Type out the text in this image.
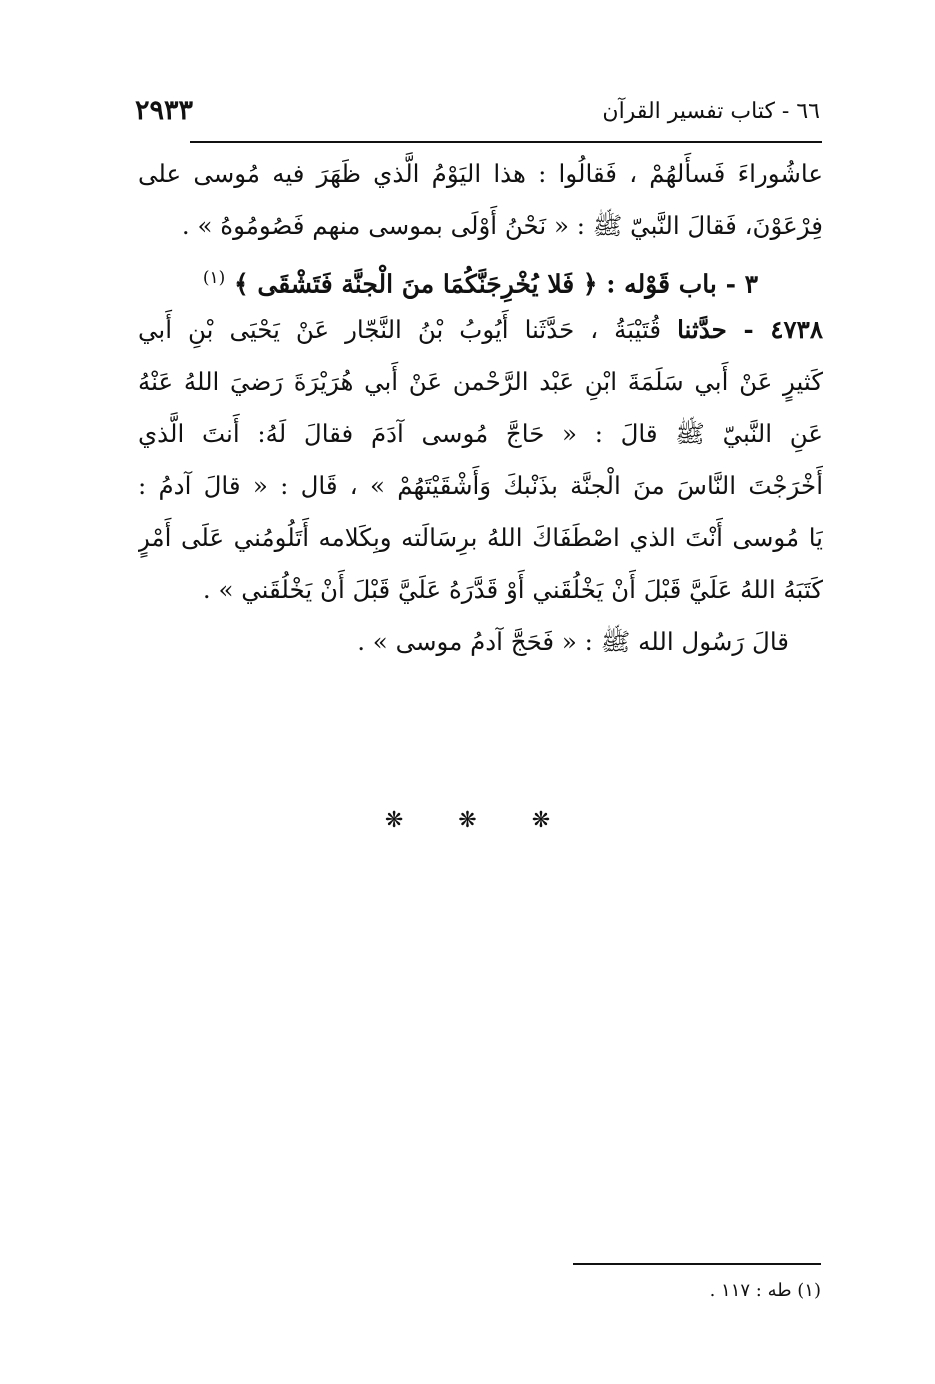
٦٦ - كتاب تفسير القرآن
٢٩٣٣
عاشُوراءَ فَسأَلهُمْ ، فَقالُوا : هذا اليَوْمُ الَّذي ظَهَرَ فيه مُوسى على
فِرْعَوْنَ، فَقالَ النَّبيّ ﷺ : « نَحْنُ أَوْلَى بموسى منهم فَصُومُوهُ » .
٣ - باب قَوْله : ﴿ فَلا يُخْرِجَنَّكُمَا منَ الْجنَّة فَتَشْقَى ﴾ $^{(١)}$
٤٧٣٨ - حدَّثنا قُتَيْبَةُ ، حَدَّثَنا أَيُوبُ بْنُ النَّجّار عَنْ يَحْيَى بْنِ أَبي
كَثيرٍ عَنْ أَبي سَلَمَةَ ابْنِ عَبْد الرَّحْمن عَنْ أَبي هُرَيْرَةَ رَضيَ اللهُ عَنْهُ
عَنِ النَّبيّ ﷺ قالَ : « حَاجَّ مُوسى آدَمَ فقالَ لَهُ: أَنتَ الَّذي
أَخْرَجْتَ النَّاسَ منَ الْجنَّة بذَنْبكَ وَأَشْقَيْتَهُمْ » ، قَال : « قالَ آدمُ :
يَا مُوسى أَنْتَ الذي اصْطَفَاكَ اللهُ برِسَالَته وبِكَلامه أَتَلُومُني عَلَى أَمْرٍ
كَتَبَهُ اللهُ عَلَيَّ قَبْلَ أَنْ يَخْلُقَني أَوْ قَدَّرَهُ عَلَيَّ قَبْلَ أَنْ يَخْلُقَني » .
قالَ رَسُول الله ﷺ : « فَحَجَّ آدمُ موسى » .
❋	❋	❋
(١) طه : ١١٧ .
